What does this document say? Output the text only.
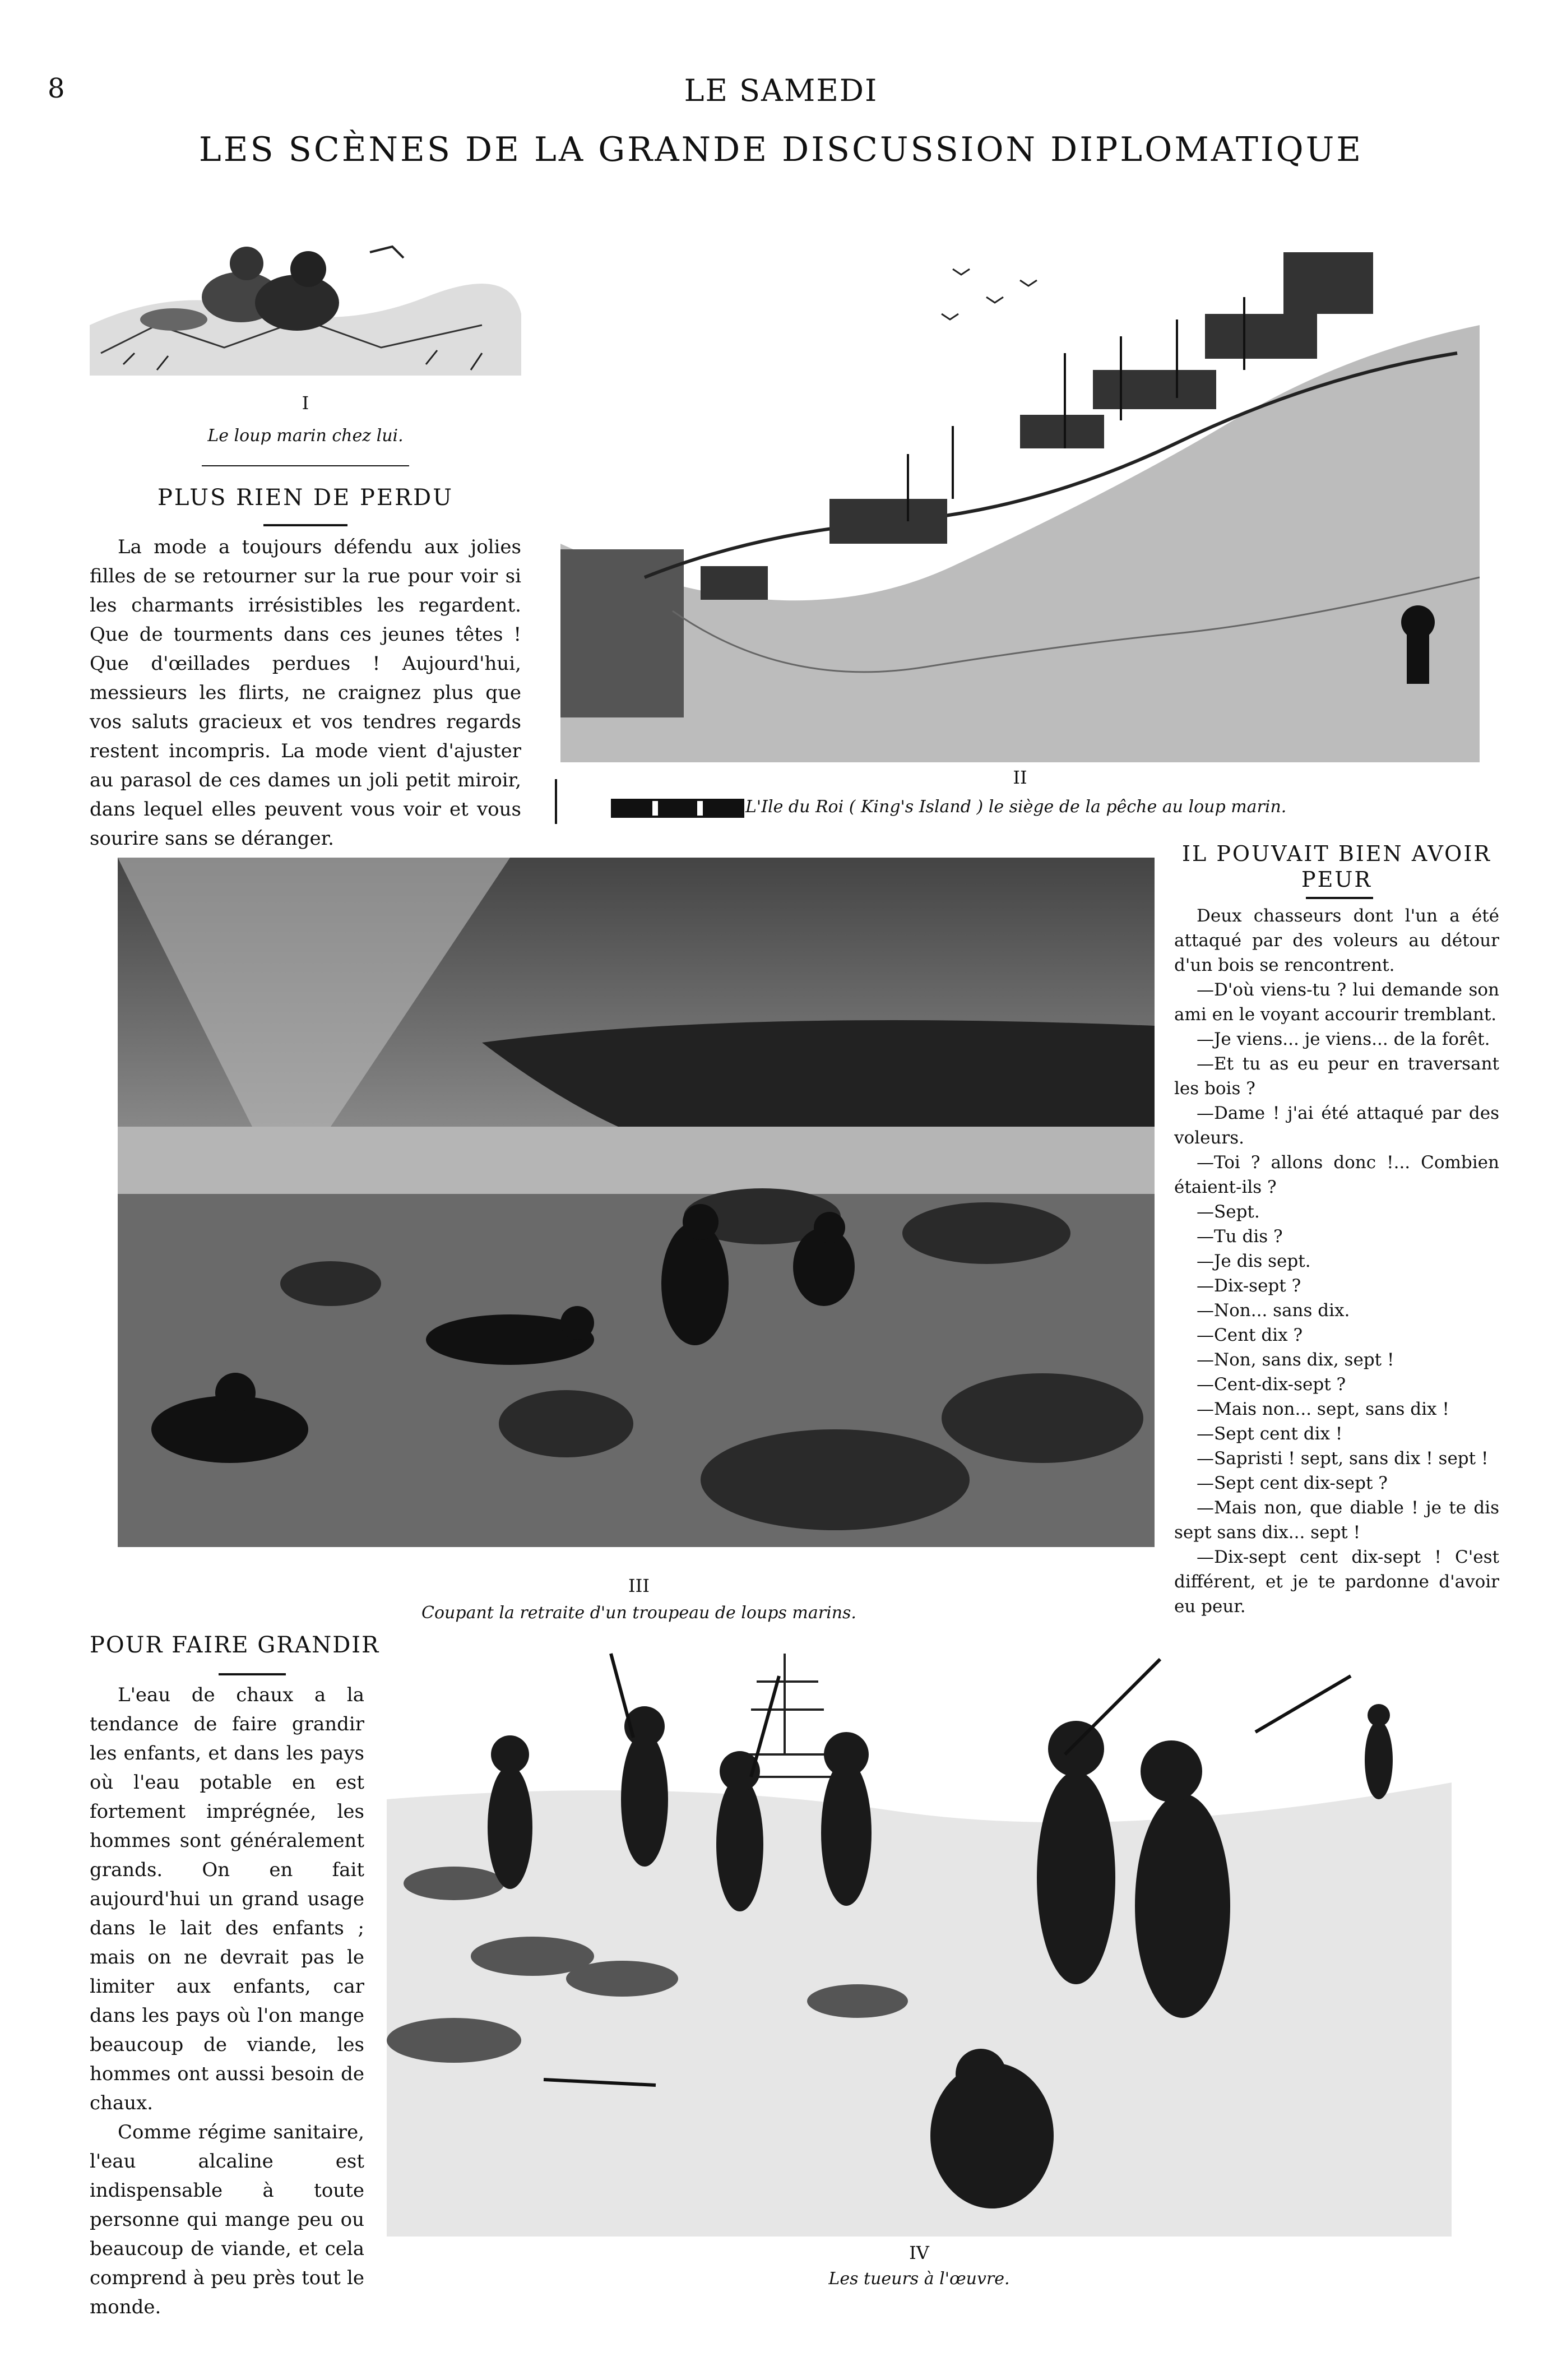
8	LE SAMEDI
LES SCÈNES DE LA GRANDE DISCUSSION DIPLOMATIQUE
I
Le loup marin chez lui.
PLUS RIEN DE PERDU

La mode a toujours défendu aux jolies filles de se retourner sur la rue pour voir si les charmants irrésistibles les regardent. Que de tourments dans ces jeunes têtes ! Que d'œillades perdues ! Aujourd'hui, messieurs les flirts, ne craignez plus que vos saluts gracieux et vos tendres regards restent incompris. La mode vient d'ajuster au parasol de ces dames un joli petit miroir, dans lequel elles peuvent vous voir et vous sourire sans se déranger.

II
L'Ile du Roi ( King's Island ) le siège de la pêche au loup marin.
IL POUVAIT BIEN AVOIR PEUR

Deux chasseurs dont l'un a été attaqué par des voleurs au détour d'un bois se rencontrent.

—D'où viens-tu ? lui demande son ami en le voyant accourir tremblant.

—Je viens... je viens... de la forêt.

—Et tu as eu peur en traversant les bois ?

—Dame ! j'ai été attaqué par des voleurs.

—Toi ? allons donc !... Combien étaient-ils ?

—Sept.

—Tu dis ?

—Je dis sept.

—Dix-sept ?

—Non... sans dix.

—Cent dix ?

—Non, sans dix, sept !

—Cent-dix-sept ?

—Mais non... sept, sans dix !

—Sept cent dix !

—Sapristi ! sept, sans dix ! sept !

—Sept cent dix-sept ?

—Mais non, que diable ! je te dis sept sans dix... sept !

—Dix-sept cent dix-sept ! C'est différent, et je te pardonne d'avoir eu peur.

III
Coupant la retraite d'un troupeau de loups marins.
POUR FAIRE GRANDIR

L'eau de chaux a la tendance de faire grandir les enfants, et dans les pays où l'eau potable en est fortement imprégnée, les hommes sont généralement grands. On en fait aujourd'hui un grand usage dans le lait des enfants ; mais on ne devrait pas le limiter aux enfants, car dans les pays où l'on mange beaucoup de viande, les hommes ont aussi besoin de chaux.

Comme régime sanitaire, l'eau alcaline est indispensable à toute personne qui mange peu ou beaucoup de viande, et cela comprend à peu près tout le monde.

IV
Les tueurs à l'œuvre.
